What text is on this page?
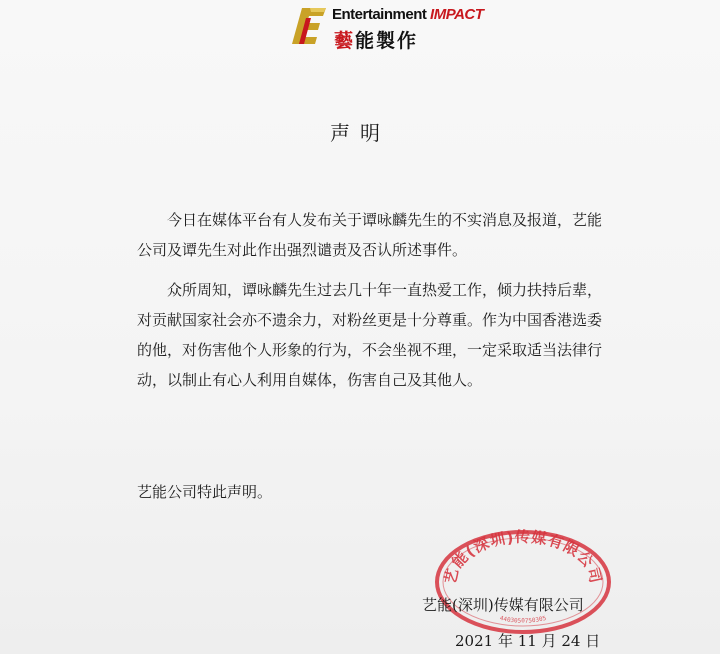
Entertainment IMPACT
藝能製作
声明

今日在媒体平台有人发布关于谭咏麟先生的不实消息及报道，艺能公司及谭先生对此作出强烈谴责及否认所述事件。

众所周知，谭咏麟先生过去几十年一直热爱工作，倾力扶持后辈，对贡献国家社会亦不遗余力，对粉丝更是十分尊重。作为中国香港选委的他，对伤害他个人形象的行为，不会坐视不理，一定采取适当法律行动，以制止有心人利用自媒体，伤害自己及其他人。

艺能公司特此声明。
艺能(深圳)传媒有限公司
4403050750305
艺能(深圳)传媒有限公司
2021 年 11 月 24 日
